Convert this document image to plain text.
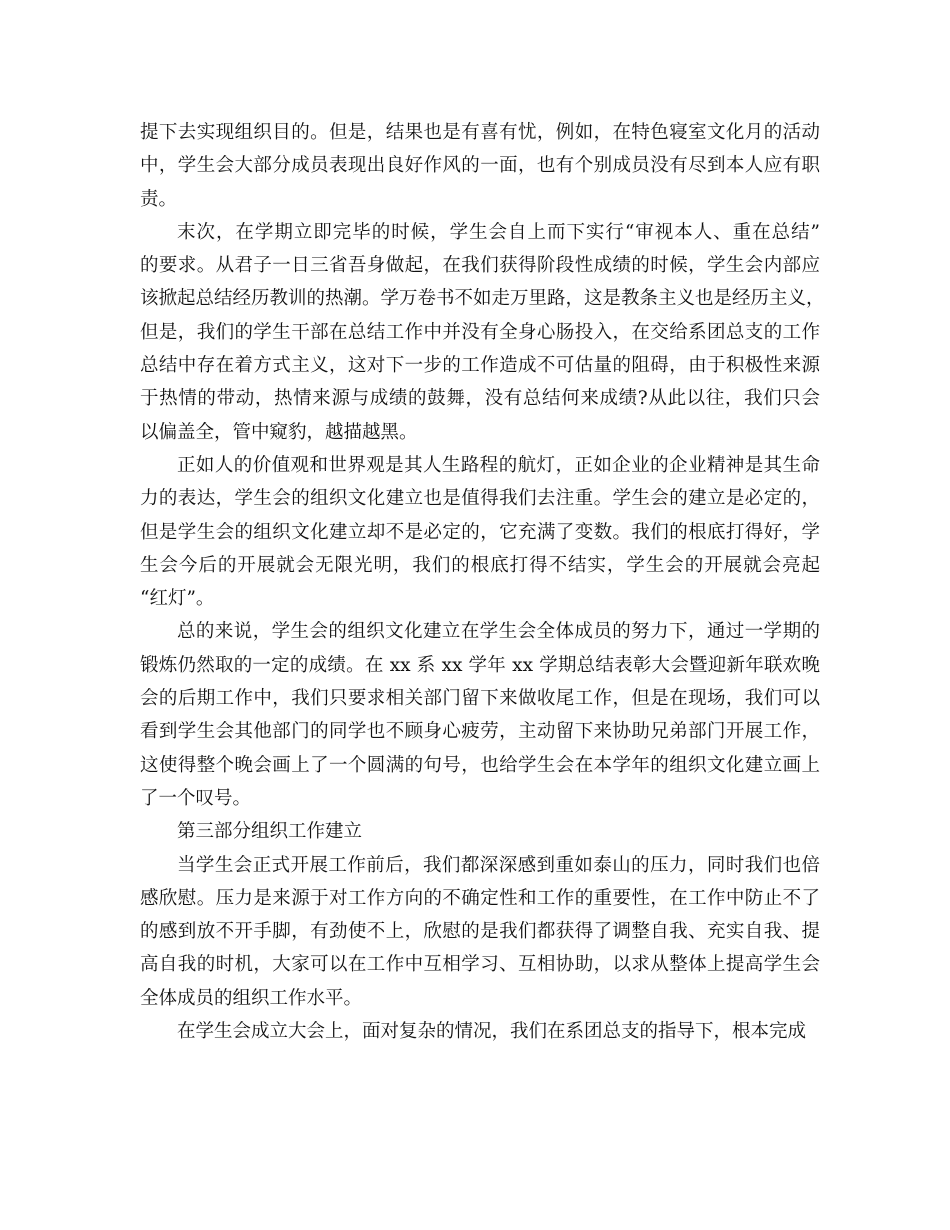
提下去实现组织目的。但是，结果也是有喜有忧，例如，在特色寝室文化月的活动
中，学生会大部分成员表现出良好作风的一面，也有个别成员没有尽到本人应有职
责。
末次，在学期立即完毕的时候，学生会自上而下实行“审视本人、重在总结”
的要求。从君子一日三省吾身做起，在我们获得阶段性成绩的时候，学生会内部应
该掀起总结经历教训的热潮。学万卷书不如走万里路，这是教条主义也是经历主义，
但是，我们的学生干部在总结工作中并没有全身心肠投入，在交给系团总支的工作
总结中存在着方式主义，这对下一步的工作造成不可估量的阻碍，由于积极性来源
于热情的带动，热情来源与成绩的鼓舞，没有总结何来成绩?从此以往，我们只会
以偏盖全，管中窥豹，越描越黑。
正如人的价值观和世界观是其人生路程的航灯，正如企业的企业精神是其生命
力的表达，学生会的组织文化建立也是值得我们去注重。学生会的建立是必定的，
但是学生会的组织文化建立却不是必定的，它充满了变数。我们的根底打得好，学
生会今后的开展就会无限光明，我们的根底打得不结实，学生会的开展就会亮起
“红灯”。
总的来说，学生会的组织文化建立在学生会全体成员的努力下，通过一学期的
锻炼仍然取的一定的成绩。在 xx 系 xx 学年 xx 学期总结表彰大会暨迎新年联欢晚
会的后期工作中，我们只要求相关部门留下来做收尾工作，但是在现场，我们可以
看到学生会其他部门的同学也不顾身心疲劳，主动留下来协助兄弟部门开展工作，
这使得整个晚会画上了一个圆满的句号，也给学生会在本学年的组织文化建立画上
了一个叹号。
第三部分组织工作建立
当学生会正式开展工作前后，我们都深深感到重如泰山的压力，同时我们也倍
感欣慰。压力是来源于对工作方向的不确定性和工作的重要性，在工作中防止不了
的感到放不开手脚，有劲使不上，欣慰的是我们都获得了调整自我、充实自我、提
高自我的时机，大家可以在工作中互相学习、互相协助，以求从整体上提高学生会
全体成员的组织工作水平。
在学生会成立大会上，面对复杂的情况，我们在系团总支的指导下，根本完成
